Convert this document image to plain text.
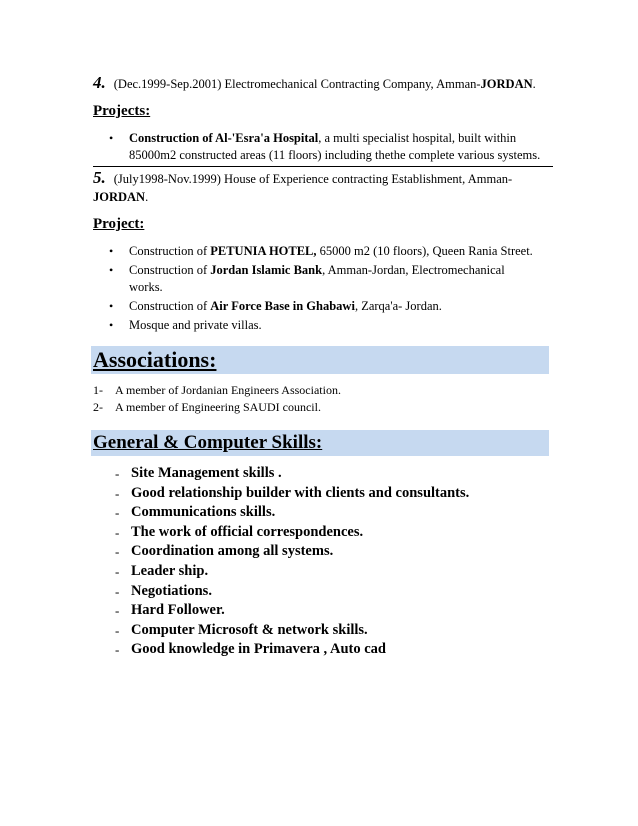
4. (Dec.1999-Sep.2001) Electromechanical Contracting Company, Amman-JORDAN.
Projects:
• Construction of Al-'Esra'a Hospital, a multi specialist hospital, built within
85000m2 constructed areas (11 floors) including thethe complete various systems.
5. (July1998-Nov.1999) House of Experience contracting Establishment, Amman-
JORDAN.
Project:
• Construction of PETUNIA HOTEL, 65000 m2 (10 floors), Queen Rania Street.
• Construction of Jordan Islamic Bank, Amman-Jordan, Electromechanical
works.
• Construction of Air Force Base in Ghabawi, Zarqa'a- Jordan.
• Mosque and private villas.
Associations:
1- A member of Jordanian Engineers Association.
2- A member of Engineering SAUDI council.
General & Computer Skills:
- Site Management skills .
- Good relationship builder with clients and consultants.
- Communications skills.
- The work of official correspondences.
- Coordination among all systems.
- Leader ship.
- Negotiations.
- Hard Follower.
- Computer Microsoft & network skills.
- Good knowledge in Primavera , Auto cad
